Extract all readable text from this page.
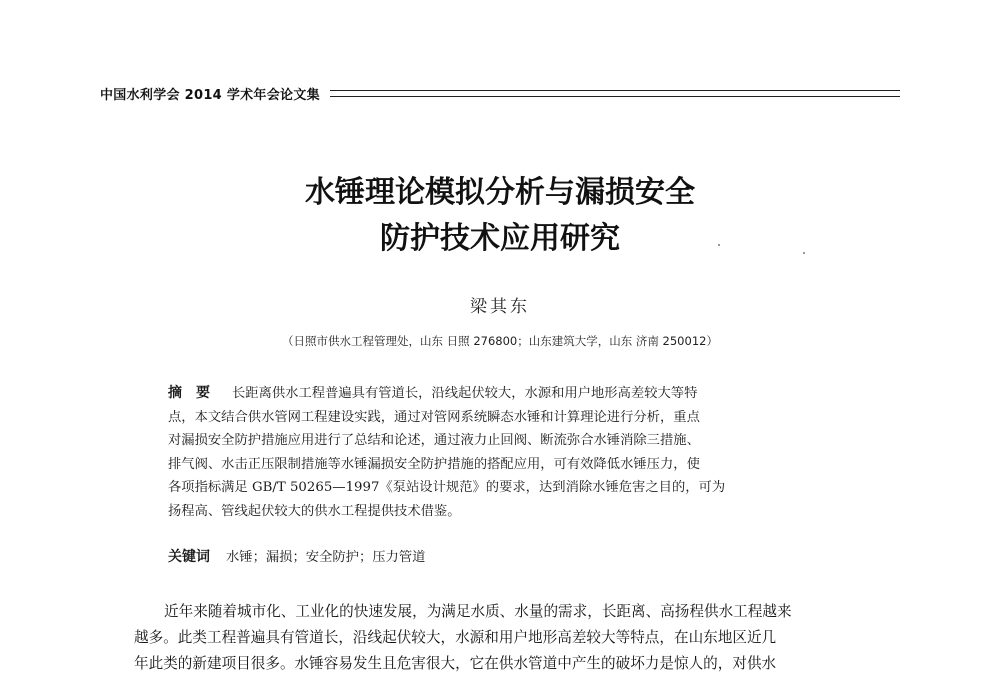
中国水利学会 2014 学术年会论文集
水锤理论模拟分析与漏损安全
防护技术应用研究
梁其东
（日照市供水工程管理处，山东 日照 276800；山东建筑大学，山东 济南 250012）
摘　要 长距离供水工程普遍具有管道长，沿线起伏较大，水源和用户地形高差较大等特
点，本文结合供水管网工程建设实践，通过对管网系统瞬态水锤和计算理论进行分析，重点
对漏损安全防护措施应用进行了总结和论述，通过液力止回阀、断流弥合水锤消除三措施、
排气阀、水击正压限制措施等水锤漏损安全防护措施的搭配应用，可有效降低水锤压力，使
各项指标满足 GB/T 50265—1997《泵站设计规范》的要求，达到消除水锤危害之目的，可为
扬程高、管线起伏较大的供水工程提供技术借鉴。
关键词 水锤；漏损；安全防护；压力管道
近年来随着城市化、工业化的快速发展，为满足水质、水量的需求，长距离、高扬程供水工程越来
越多。此类工程普遍具有管道长，沿线起伏较大，水源和用户地形高差较大等特点，在山东地区近几
年此类的新建项目很多。水锤容易发生且危害很大，它在供水管道中产生的破坏力是惊人的，对供水
